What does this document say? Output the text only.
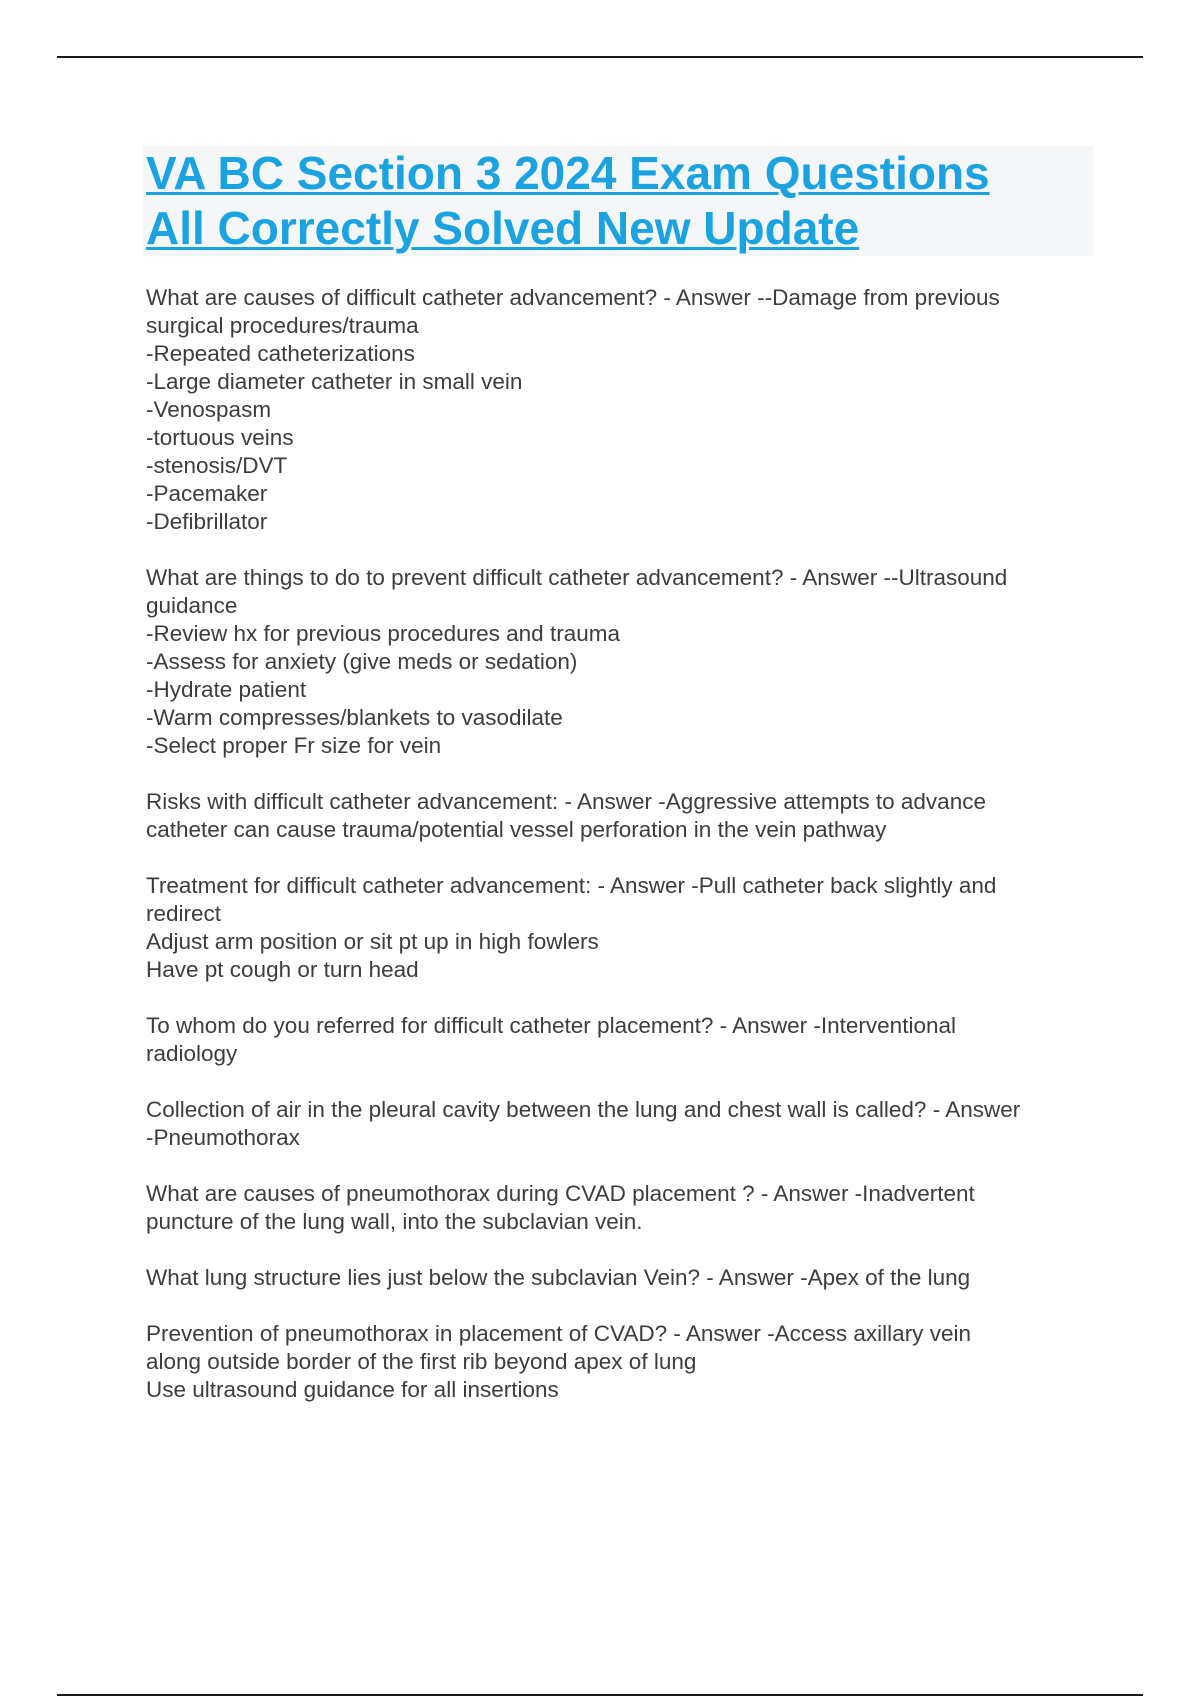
VA BC Section 3 2024 Exam Questions
All Correctly Solved New Update
What are causes of difficult catheter advancement? - Answer --Damage from previous
surgical procedures/trauma
-Repeated catheterizations
-Large diameter catheter in small vein
-Venospasm
-tortuous veins
-stenosis/DVT
-Pacemaker
-Defibrillator
What are things to do to prevent difficult catheter advancement? - Answer --Ultrasound
guidance
-Review hx for previous procedures and trauma
-Assess for anxiety (give meds or sedation)
-Hydrate patient
-Warm compresses/blankets to vasodilate
-Select proper Fr size for vein
Risks with difficult catheter advancement: - Answer -Aggressive attempts to advance
catheter can cause trauma/potential vessel perforation in the vein pathway
Treatment for difficult catheter advancement: - Answer -Pull catheter back slightly and
redirect
Adjust arm position or sit pt up in high fowlers
Have pt cough or turn head
To whom do you referred for difficult catheter placement? - Answer -Interventional
radiology
Collection of air in the pleural cavity between the lung and chest wall is called? - Answer
-Pneumothorax
What are causes of pneumothorax during CVAD placement ? - Answer -Inadvertent
puncture of the lung wall, into the subclavian vein.
What lung structure lies just below the subclavian Vein? - Answer -Apex of the lung
Prevention of pneumothorax in placement of CVAD? - Answer -Access axillary vein
along outside border of the first rib beyond apex of lung
Use ultrasound guidance for all insertions
